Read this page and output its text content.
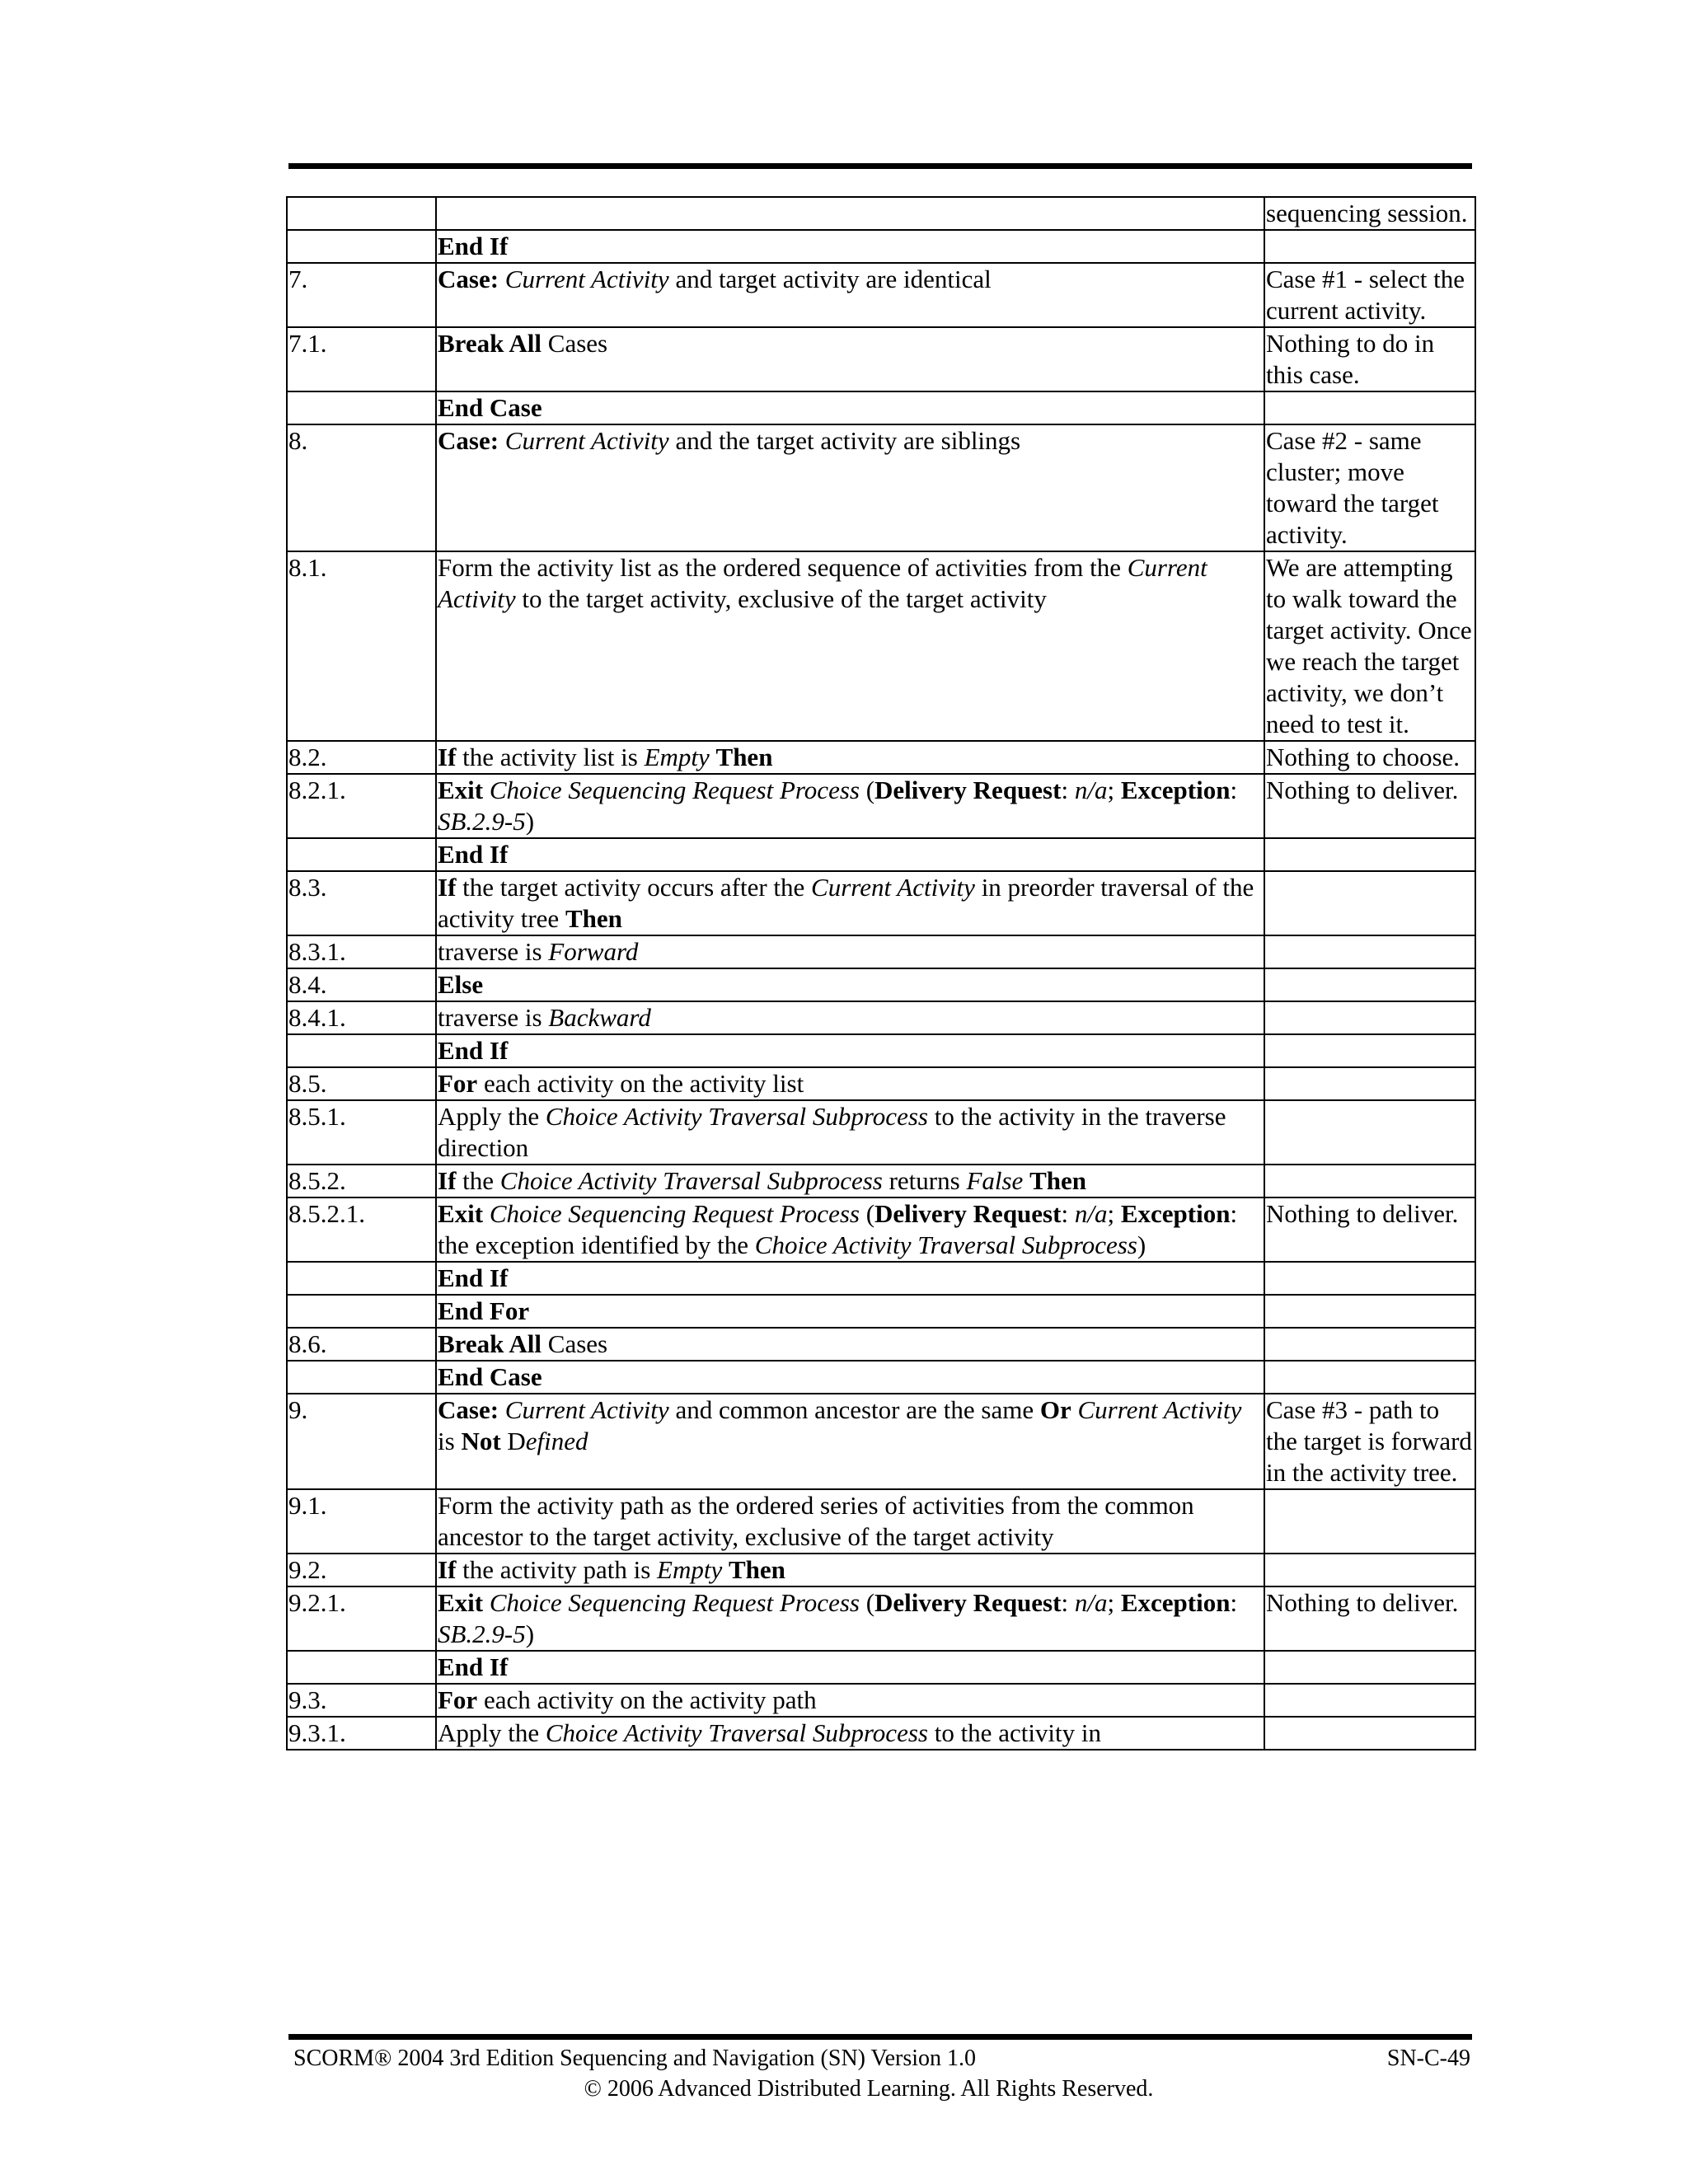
		sequencing session.
	End If	
7.	Case: Current Activity and target activity are identical	Case #1 - select the current activity.
7.1.	Break All Cases	Nothing to do in this case.
	End Case	
8.	Case: Current Activity and the target activity are siblings	Case #2 - same cluster; move toward the target activity.
8.1.	Form the activity list as the ordered sequence of activities from the Current Activity to the target activity, exclusive of the target activity	We are attempting to walk toward the target activity. Once we reach the target activity, we don’t need to test it.
8.2.	If the activity list is Empty Then	Nothing to choose.
8.2.1.	Exit Choice Sequencing Request Process (Delivery Request: n/a; Exception: SB.2.9-5)	Nothing to deliver.
	End If	
8.3.	If the target activity occurs after the Current Activity in preorder traversal of the activity tree Then	
8.3.1.	traverse is Forward	
8.4.	Else	
8.4.1.	traverse is Backward	
	End If	
8.5.	For each activity on the activity list	
8.5.1.	Apply the Choice Activity Traversal Subprocess to the activity in the traverse direction	
8.5.2.	If the Choice Activity Traversal Subprocess returns False Then	
8.5.2.1.	Exit Choice Sequencing Request Process (Delivery Request: n/a; Exception: the exception identified by the Choice Activity Traversal Subprocess)	Nothing to deliver.
	End If	
	End For	
8.6.	Break All Cases	
	End Case	
9.	Case: Current Activity and common ancestor are the same Or Current Activity is Not Defined	Case #3 - path to the target is forward in the activity tree.
9.1.	Form the activity path as the ordered series of activities from the common ancestor to the target activity, exclusive of the target activity	
9.2.	If the activity path is Empty Then	
9.2.1.	Exit Choice Sequencing Request Process (Delivery Request: n/a; Exception: SB.2.9-5)	Nothing to deliver.
	End If	
9.3.	For each activity on the activity path	
9.3.1.	Apply the Choice Activity Traversal Subprocess to the activity in	
SCORM® 2004 3rd Edition Sequencing and Navigation (SN) Version 1.0	SN-C-49
© 2006 Advanced Distributed Learning. All Rights Reserved.
